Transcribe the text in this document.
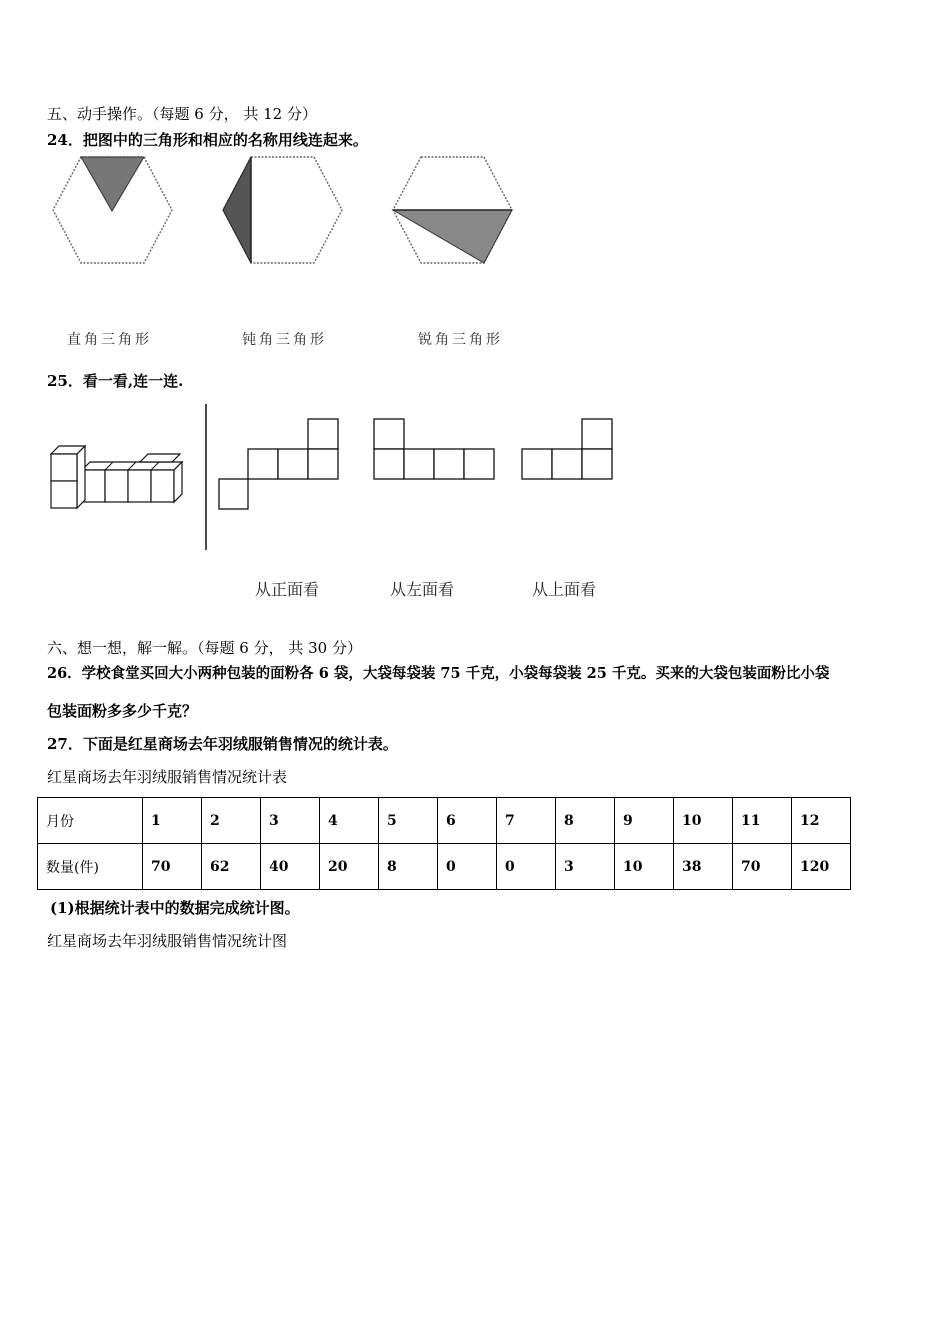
五、动手操作。（每题 6 分， 共 12 分）
24．把图中的三角形和相应的名称用线连起来。
直角三角形	钝角三角形	锐角三角形
25．看一看,连一连.
从正面看	从左面看	从上面看
六、想一想，解一解。（每题 6 分， 共 30 分）
26．学校食堂买回大小两种包装的面粉各 6 袋，大袋每袋装 75 千克，小袋每袋装 25 千克。买来的大袋包装面粉比小袋
包装面粉多多少千克？
27．下面是红星商场去年羽绒服销售情况的统计表。
红星商场去年羽绒服销售情况统计表
月份	1	2	3	4	5	6	7	8	9	10	11	12
数量(件)	70	62	40	20	8	0	0	3	10	38	70	120
(1)根据统计表中的数据完成统计图。
红星商场去年羽绒服销售情况统计图
